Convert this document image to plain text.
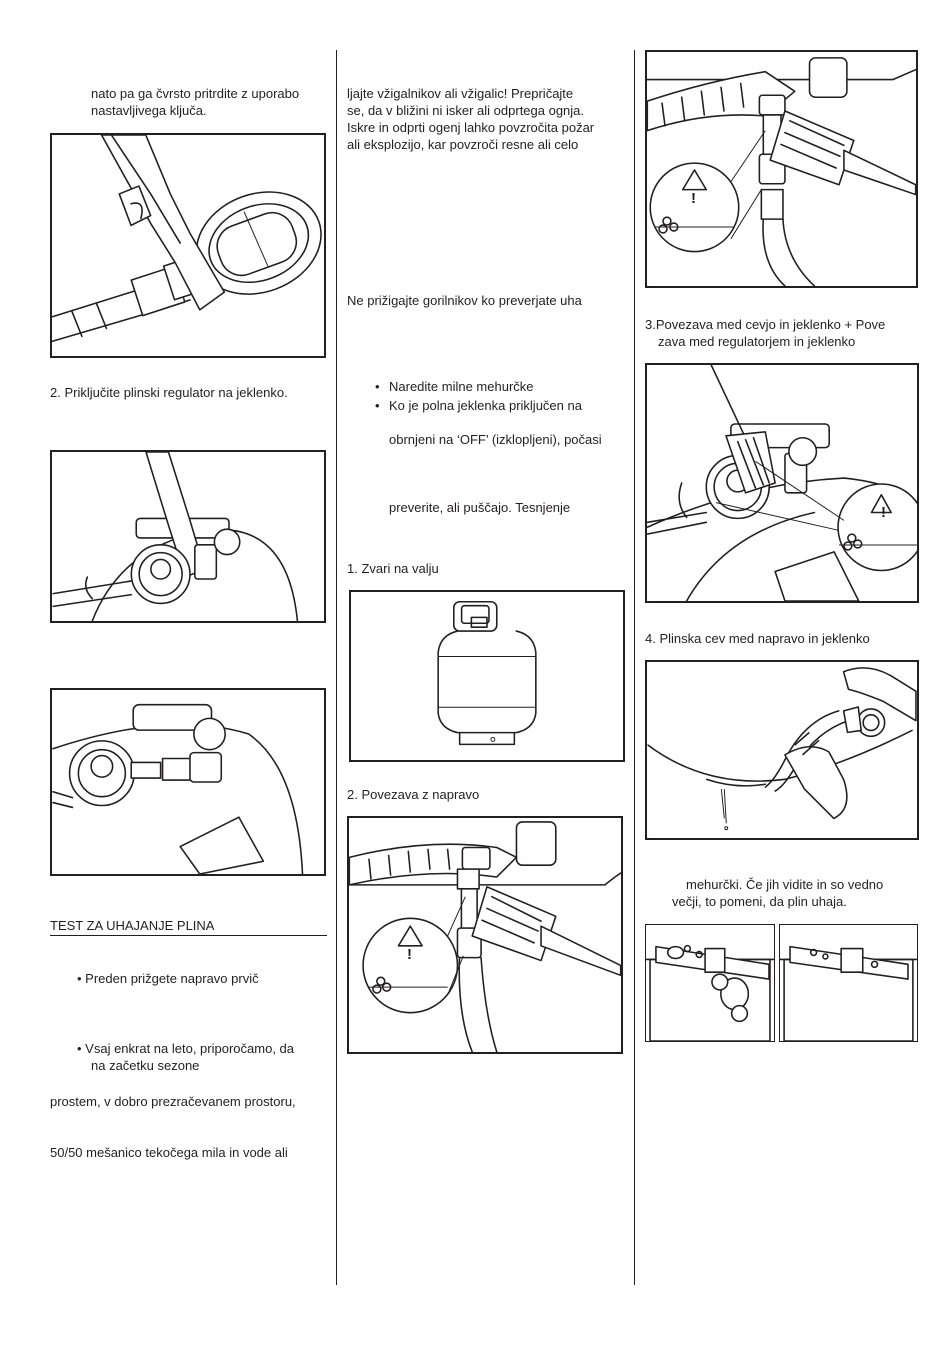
nato pa ga čvrsto pritrdite z uporabo
nastavljivega ključa.
2. Priključite plinski regulator na jeklenko.
TEST ZA UHAJANJE PLINA
• Preden prižgete napravo prvič
• Vsaj enkrat na leto, priporočamo, da
na začetku sezone
prostem, v dobro prezračevanem prostoru,
50/50 mešanico tekočega mila in vode ali
ljajte vžigalnikov ali vžigalic! Prepričajte
se, da v bližini ni isker ali odprtega ognja.
Iskre in odprti ogenj lahko povzročita požar
ali eksplozijo, kar povzroči resne ali celo
Ne prižigajte gorilnikov ko preverjate uha
• Naredite milne mehurčke
• Ko je polna jeklenka priključen na
obrnjeni na ‘OFF’ (izklopljeni), počasi
preverite, ali puščajo. Tesnjenje
1. Zvari na valju
2. Povezava z napravo
!
!
3.Povezava med cevjo in jeklenko + Pove
zava med regulatorjem in jeklenko
!
4. Plinska cev med napravo in jeklenko
mehurčki. Če jih vidite in so vedno
večji, to pomeni, da plin uhaja.
